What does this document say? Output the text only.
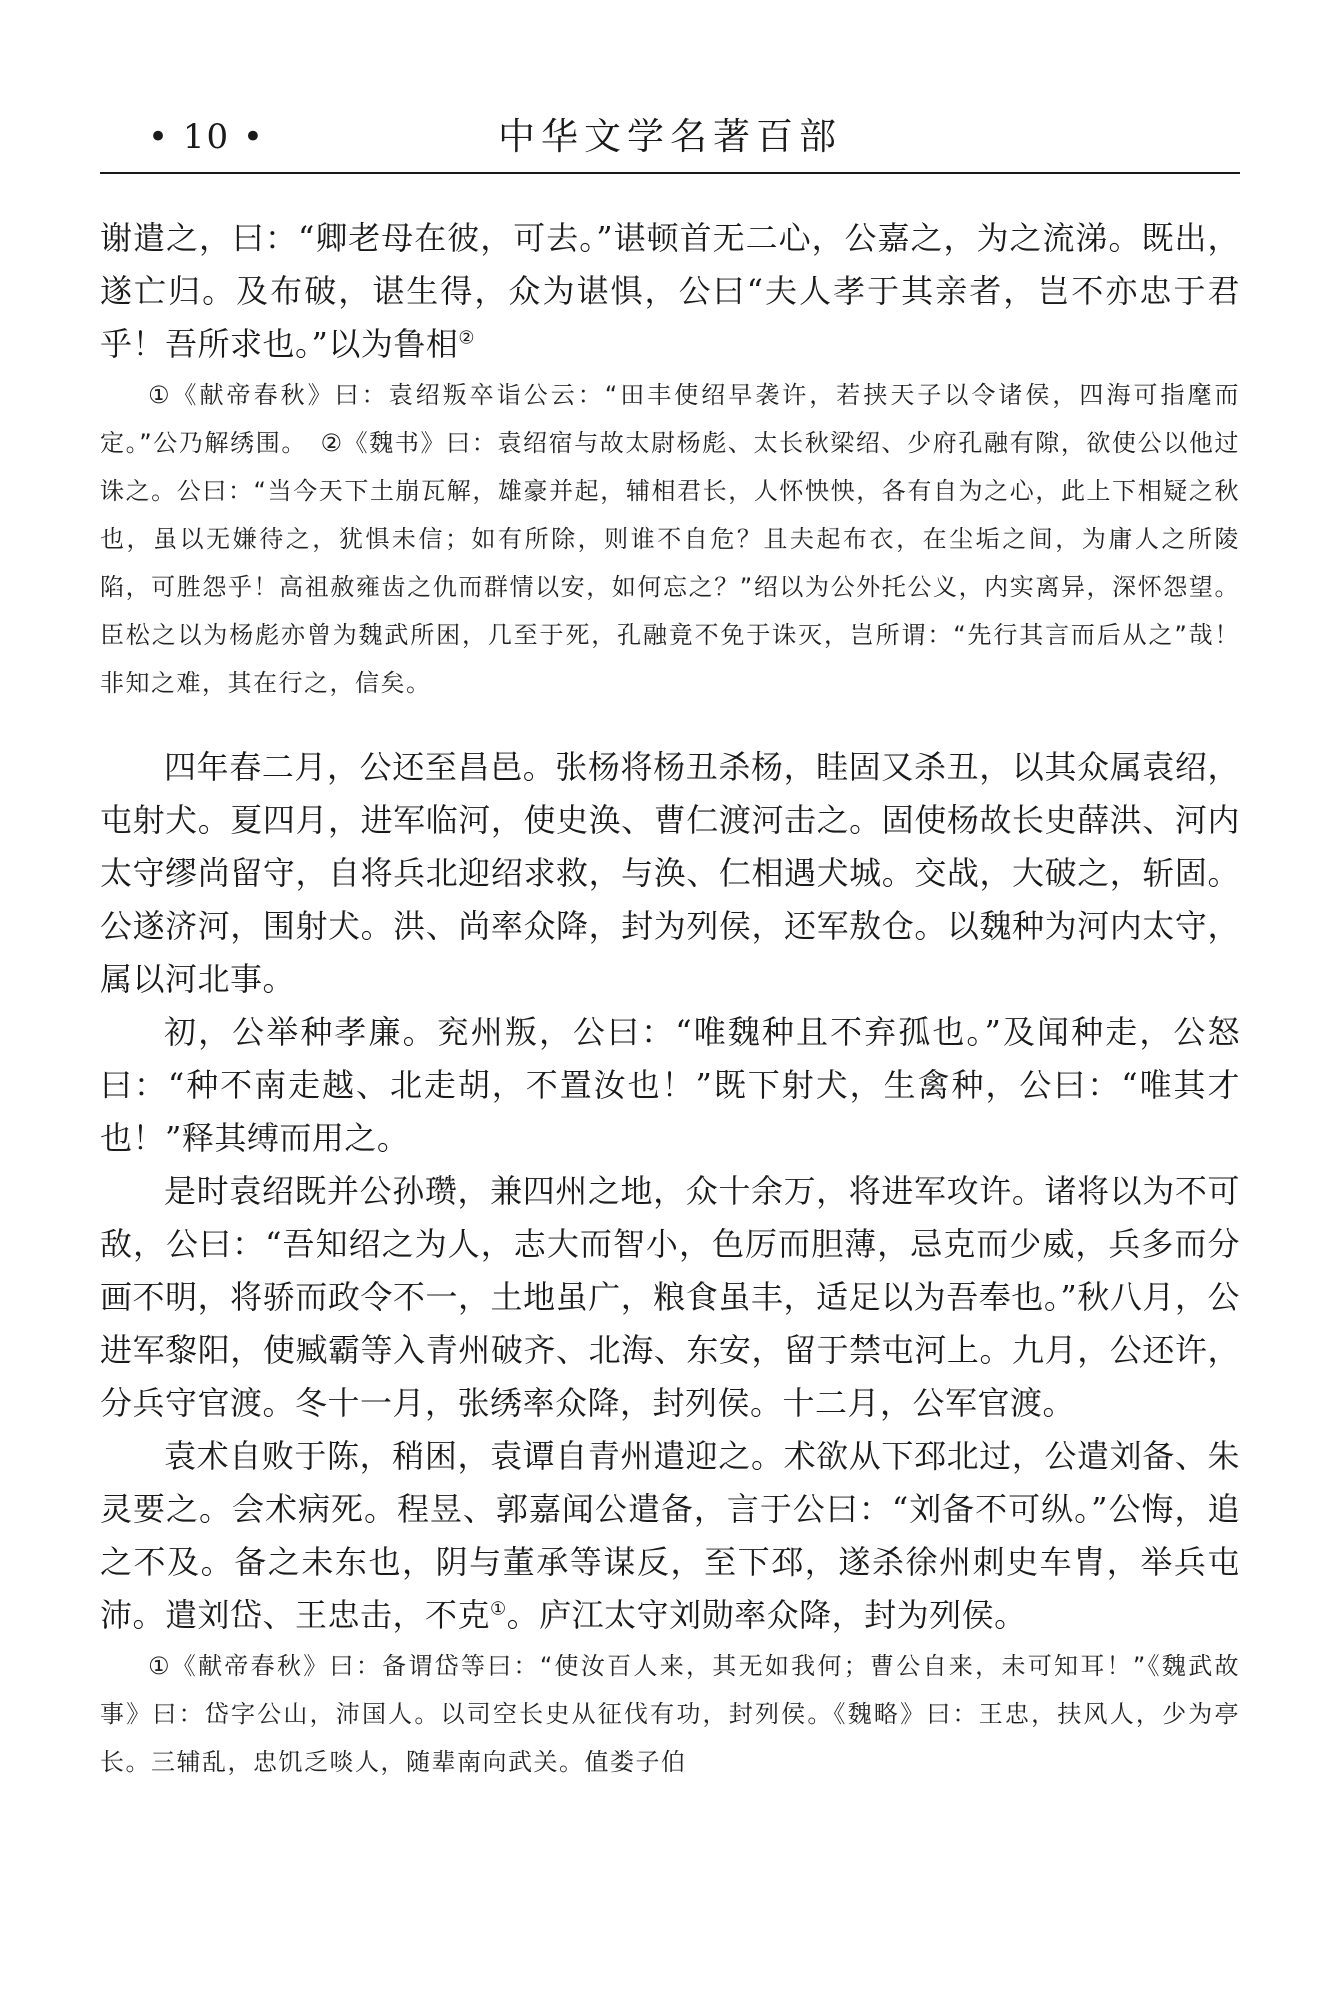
• 10 •	中华文学名著百部

谢遣之，曰：“卿老母在彼，可去。”谌顿首无二心，公嘉之，为之流涕。既出，遂亡归。及布破，谌生得，众为谌惧，公曰“夫人孝于其亲者，岂不亦忠于君乎！吾所求也。”以为鲁相②

①《献帝春秋》曰：袁绍叛卒诣公云：“田丰使绍早袭许，若挟天子以令诸侯，四海可指麾而定。”公乃解绣围。　②《魏书》曰：袁绍宿与故太尉杨彪、太长秋梁绍、少府孔融有隙，欲使公以他过诛之。公曰：“当今天下土崩瓦解，雄豪并起，辅相君长，人怀怏怏，各有自为之心，此上下相疑之秋也，虽以无嫌待之，犹惧未信；如有所除，则谁不自危？且夫起布衣，在尘垢之间，为庸人之所陵陷，可胜怨乎！高祖赦雍齿之仇而群情以安，如何忘之？”绍以为公外托公义，内实离异，深怀怨望。臣松之以为杨彪亦曾为魏武所困，几至于死，孔融竟不免于诛灭，岂所谓：“先行其言而后从之”哉！非知之难，其在行之，信矣。

四年春二月，公还至昌邑。张杨将杨丑杀杨，眭固又杀丑，以其众属袁绍，屯射犬。夏四月，进军临河，使史涣、曹仁渡河击之。固使杨故长史薛洪、河内太守缪尚留守，自将兵北迎绍求救，与涣、仁相遇犬城。交战，大破之，斩固。公遂济河，围射犬。洪、尚率众降，封为列侯，还军敖仓。以魏种为河内太守，属以河北事。

初，公举种孝廉。兖州叛，公曰：“唯魏种且不弃孤也。”及闻种走，公怒曰：“种不南走越、北走胡，不置汝也！”既下射犬，生禽种，公曰：“唯其才也！”释其缚而用之。

是时袁绍既并公孙瓒，兼四州之地，众十余万，将进军攻许。诸将以为不可敌，公曰：“吾知绍之为人，志大而智小，色厉而胆薄，忌克而少威，兵多而分画不明，将骄而政令不一，土地虽广，粮食虽丰，适足以为吾奉也。”秋八月，公进军黎阳，使臧霸等入青州破齐、北海、东安，留于禁屯河上。九月，公还许，分兵守官渡。冬十一月，张绣率众降，封列侯。十二月，公军官渡。

袁术自败于陈，稍困，袁谭自青州遣迎之。术欲从下邳北过，公遣刘备、朱灵要之。会术病死。程昱、郭嘉闻公遣备，言于公曰：“刘备不可纵。”公悔，追之不及。备之未东也，阴与董承等谋反，至下邳，遂杀徐州刺史车胄，举兵屯沛。遣刘岱、王忠击，不克①。庐江太守刘勋率众降，封为列侯。

①《献帝春秋》曰：备谓岱等曰：“使汝百人来，其无如我何；曹公自来，未可知耳！”《魏武故事》曰：岱字公山，沛国人。以司空长史从征伐有功，封列侯。《魏略》曰：王忠，扶风人，少为亭长。三辅乱，忠饥乏啖人，随辈南向武关。值娄子伯
